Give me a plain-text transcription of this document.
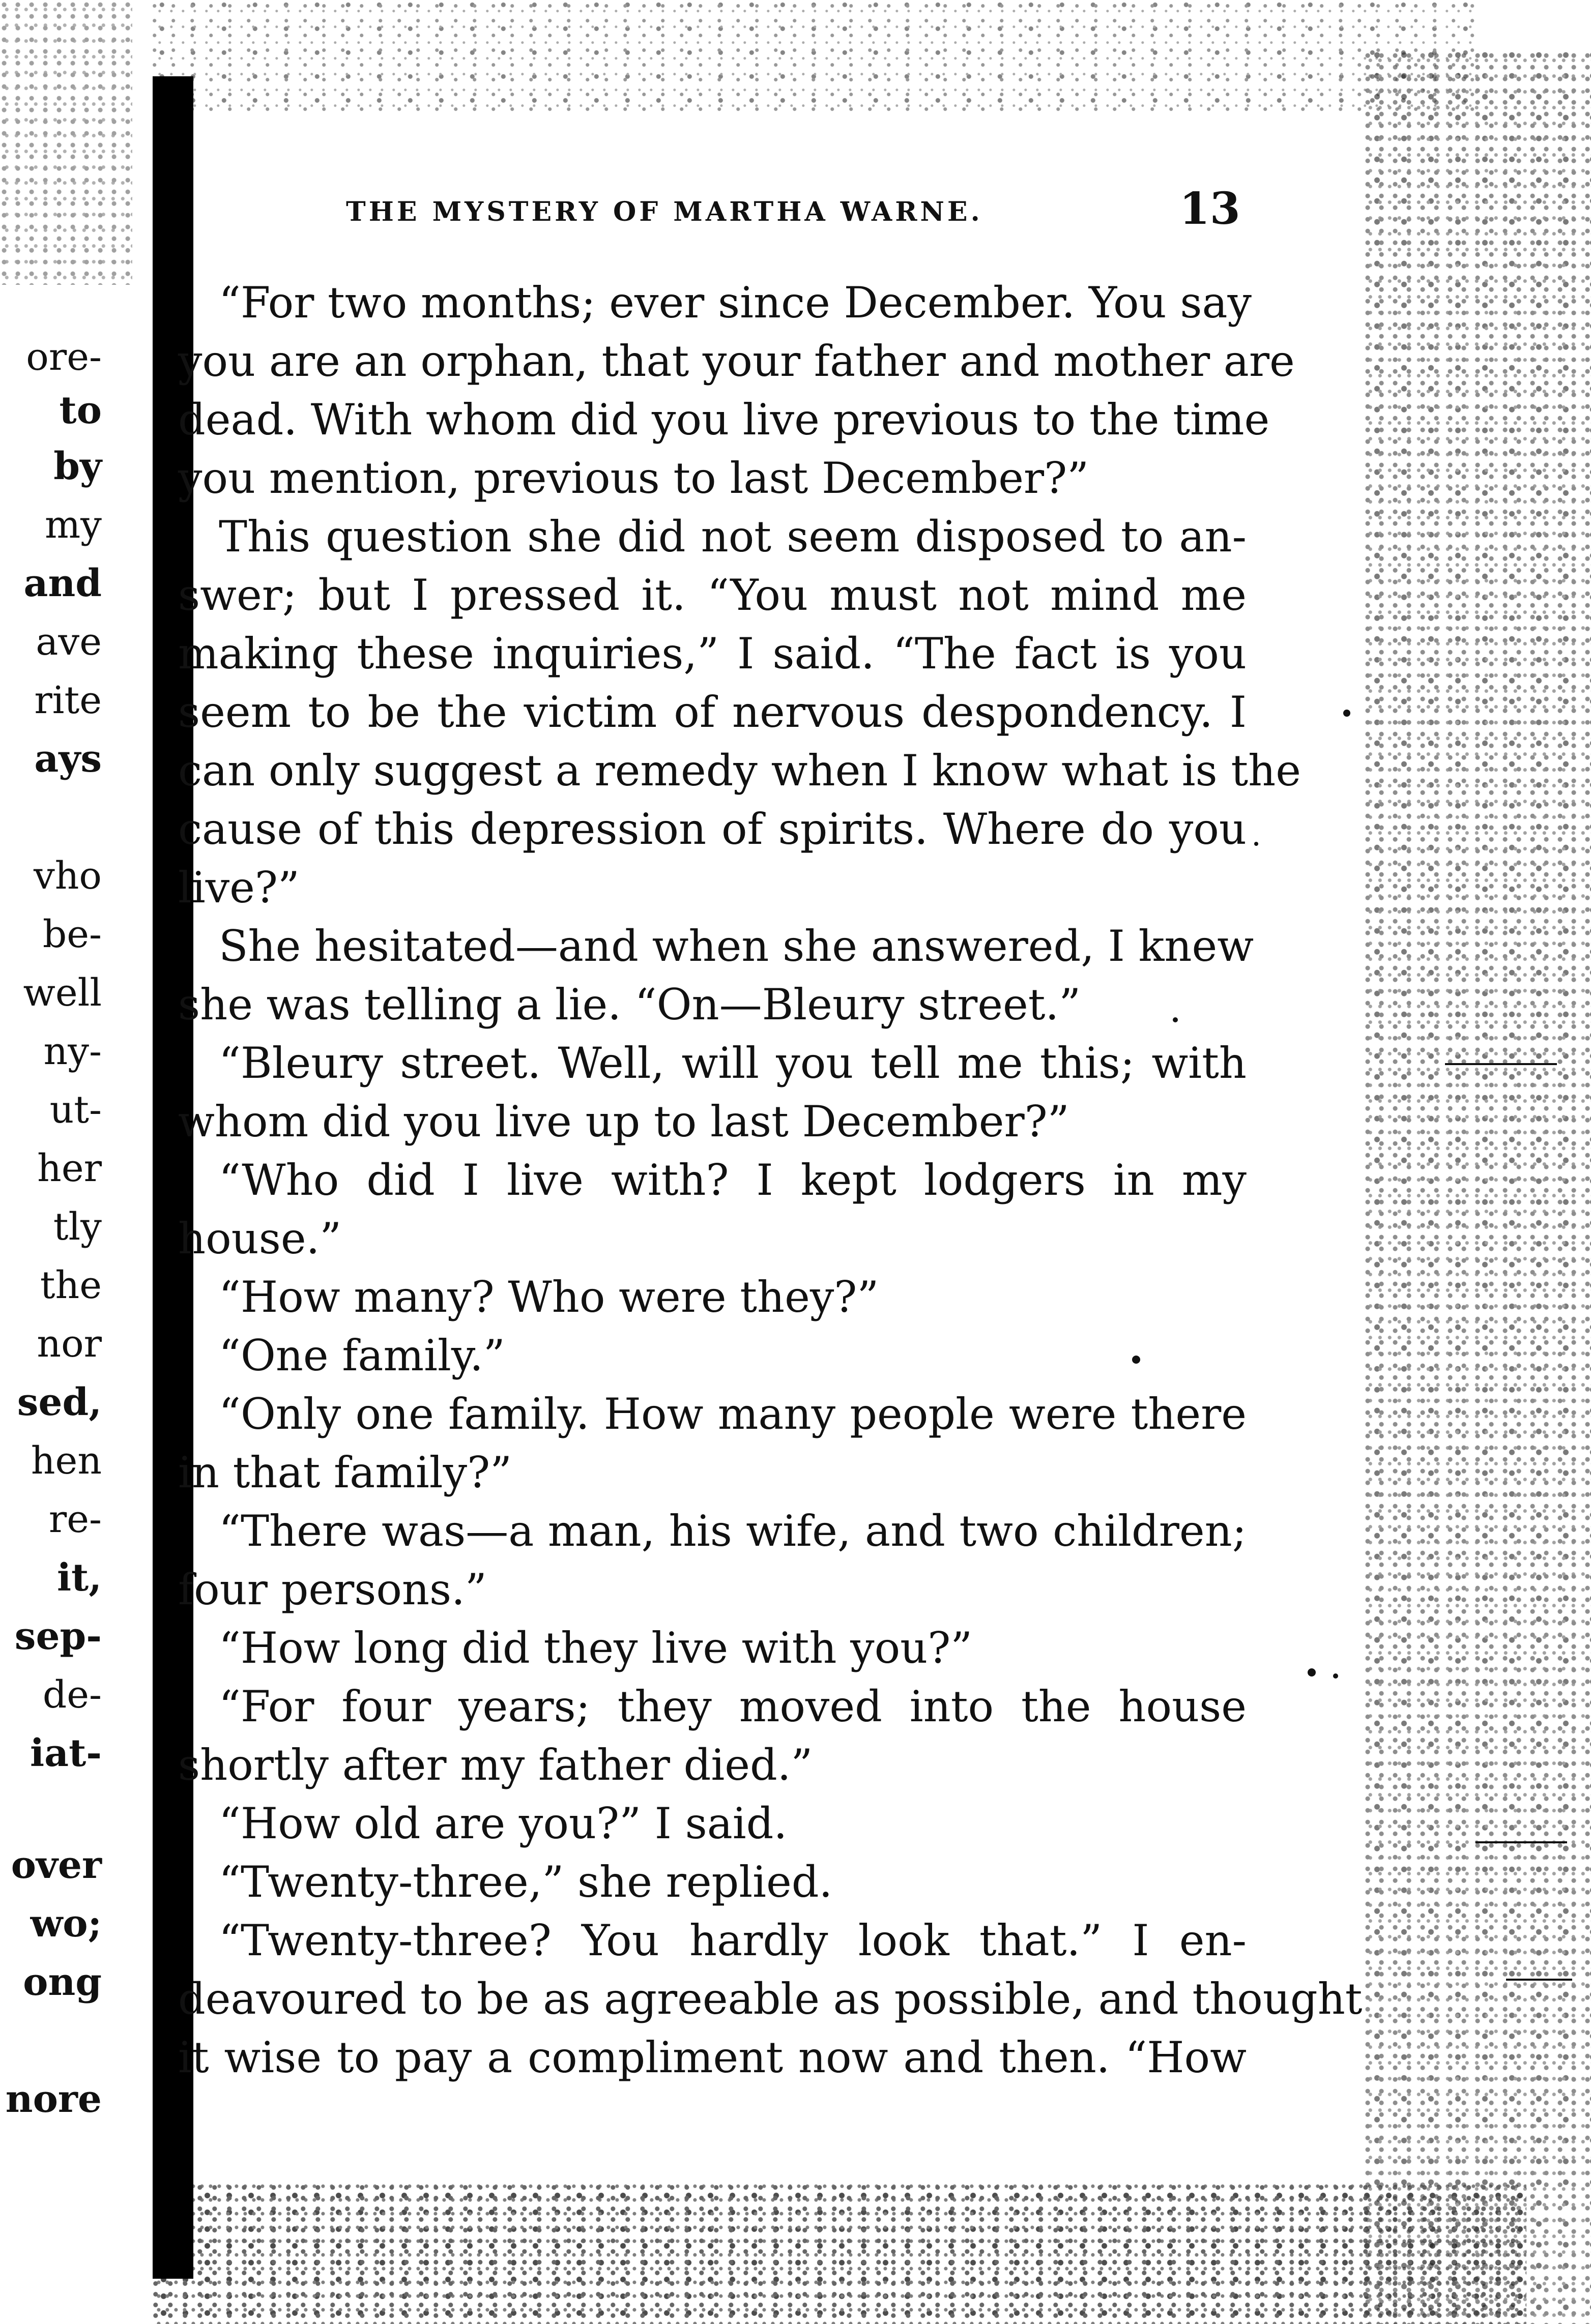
ore-
to
by
my
and
ave
rite
ays
vho
be-
well
ny-
ut-
her
tly
the
nor
sed,
hen
re-
it,
sep-
de-
iat-
over
wo;
ong
nore
THE MYSTERY OF MARTHA WARNE.	13
“For two months; ever since December. You say
you are an orphan, that your father and mother are
dead. With whom did you live previous to the time
you mention, previous to last December?”
This question she did not seem disposed to an-
swer; but I pressed it. “You must not mind me
making these inquiries,” I said. “The fact is you
seem to be the victim of nervous despondency. I
can only suggest a remedy when I know what is the
cause of this depression of spirits. Where do you
live?”
She hesitated—and when she answered, I knew
she was telling a lie. “On—Bleury street.”
“Bleury street. Well, will you tell me this; with
whom did you live up to last December?”
“Who did I live with? I kept lodgers in my
house.”
“How many? Who were they?”
“One family.”
“Only one family. How many people were there
in that family?”
“There was—a man, his wife, and two children;
four persons.”
“How long did they live with you?”
“For four years; they moved into the house
shortly after my father died.”
“How old are you?” I said.
“Twenty-three,” she replied.
“Twenty-three? You hardly look that.” I en-
deavoured to be as agreeable as possible, and thought
it wise to pay a compliment now and then. “How
